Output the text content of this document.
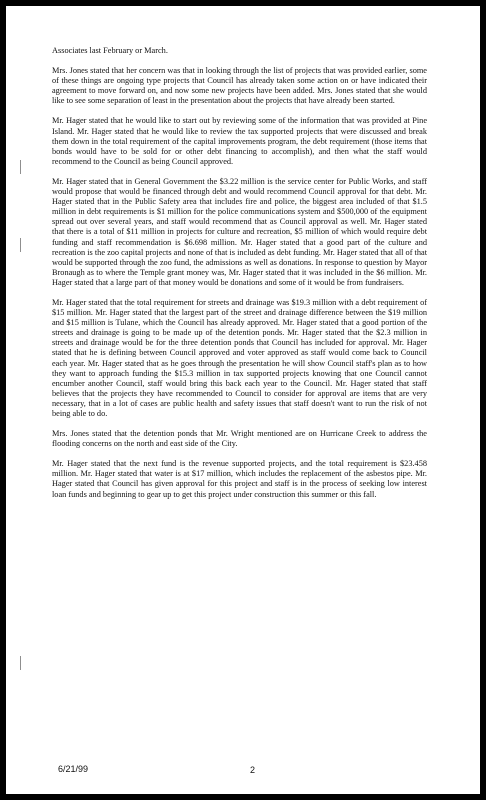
Associates last February or March.

Mrs. Jones stated that her concern was that in looking through the list of projects that was provided earlier, some of these things are ongoing type projects that Council has already taken some action on or have indicated their agreement to move forward on, and now some new projects have been added. Mrs. Jones stated that she would like to see some separation of least in the presentation about the projects that have already been started.

Mr. Hager stated that he would like to start out by reviewing some of the information that was provided at Pine Island. Mr. Hager stated that he would like to review the tax supported projects that were discussed and break them down in the total requirement of the capital improvements program, the debt requirement (those items that bonds would have to be sold for or other debt financing to accomplish), and then what the staff would recommend to the Council as being Council approved.

Mr. Hager stated that in General Government the $3.22 million is the service center for Public Works, and staff would propose that would be financed through debt and would recommend Council approval for that debt. Mr. Hager stated that in the Public Safety area that includes fire and police, the biggest area included of that $1.5 million in debt requirements is $1 million for the police communications system and $500,000 of the equipment spread out over several years, and staff would recommend that as Council approval as well. Mr. Hager stated that there is a total of $11 million in projects for culture and recreation, $5 million of which would require debt funding and staff recommendation is $6.698 million. Mr. Hager stated that a good part of the culture and recreation is the zoo capital projects and none of that is included as debt funding. Mr. Hager stated that all of that would be supported through the zoo fund, the admissions as well as donations. In response to question by Mayor Bronaugh as to where the Temple grant money was, Mr. Hager stated that it was included in the $6 million. Mr. Hager stated that a large part of that money would be donations and some of it would be from fundraisers.

Mr. Hager stated that the total requirement for streets and drainage was $19.3 million with a debt requirement of $15 million. Mr. Hager stated that the largest part of the street and drainage difference between the $19 million and $15 million is Tulane, which the Council has already approved. Mr. Hager stated that a good portion of the streets and drainage is going to be made up of the detention ponds. Mr. Hager stated that the $2.3 million in streets and drainage would be for the three detention ponds that Council has included for approval. Mr. Hager stated that he is defining between Council approved and voter approved as staff would come back to Council each year. Mr. Hager stated that as he goes through the presentation he will show Council staff's plan as to how they want to approach funding the $15.3 million in tax supported projects knowing that one Council cannot encumber another Council, staff would bring this back each year to the Council. Mr. Hager stated that staff believes that the projects they have recommended to Council to consider for approval are items that are very necessary, that in a lot of cases are public health and safety issues that staff doesn't want to run the risk of not being able to do.

Mrs. Jones stated that the detention ponds that Mr. Wright mentioned are on Hurricane Creek to address the flooding concerns on the north and east side of the City.

Mr. Hager stated that the next fund is the revenue supported projects, and the total requirement is $23.458 million. Mr. Hager stated that water is at $17 million, which includes the replacement of the asbestos pipe. Mr. Hager stated that Council has given approval for this project and staff is in the process of seeking low interest loan funds and beginning to gear up to get this project under construction this summer or this fall.

6/21/99	2
